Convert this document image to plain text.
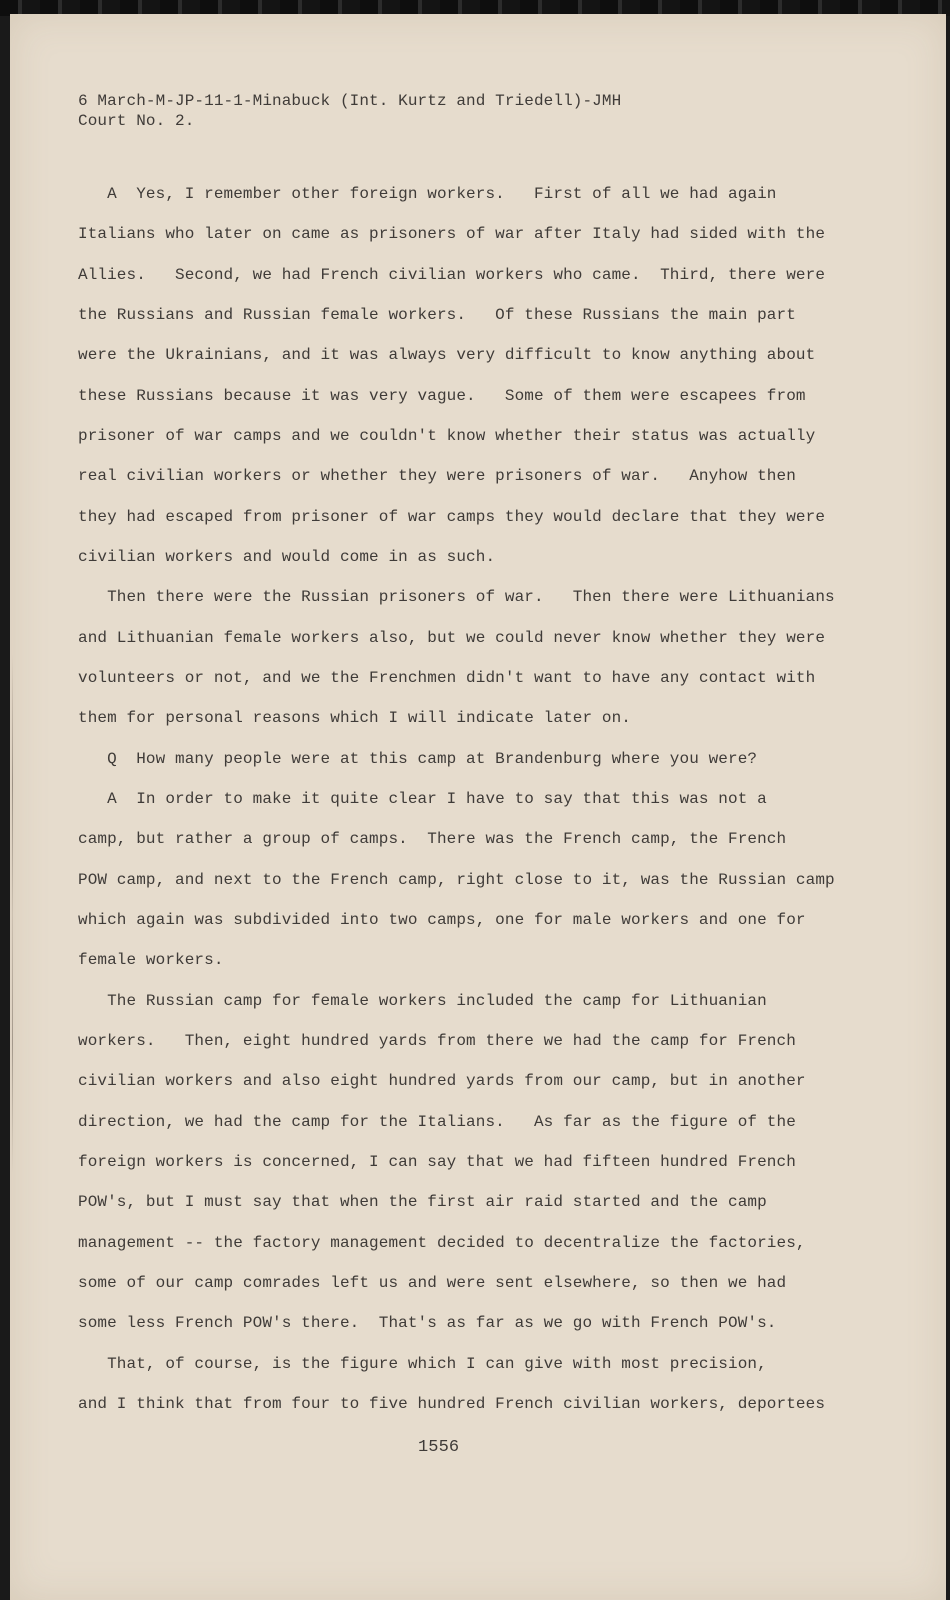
6 March-M-JP-11-1-Minabuck (Int. Kurtz and Triedell)-JMH
Court No. 2.
A  Yes, I remember other foreign workers.   First of all we had again
Italians who later on came as prisoners of war after Italy had sided with the
Allies.   Second, we had French civilian workers who came.  Third, there were
the Russians and Russian female workers.   Of these Russians the main part
were the Ukrainians, and it was always very difficult to know anything about
these Russians because it was very vague.   Some of them were escapees from
prisoner of war camps and we couldn't know whether their status was actually
real civilian workers or whether they were prisoners of war.   Anyhow then
they had escaped from prisoner of war camps they would declare that they were
civilian workers and would come in as such.
Then there were the Russian prisoners of war.   Then there were Lithuanians
and Lithuanian female workers also, but we could never know whether they were
volunteers or not, and we the Frenchmen didn't want to have any contact with
them for personal reasons which I will indicate later on.
Q  How many people were at this camp at Brandenburg where you were?
A  In order to make it quite clear I have to say that this was not a
camp, but rather a group of camps.  There was the French camp, the French
POW camp, and next to the French camp, right close to it, was the Russian camp
which again was subdivided into two camps, one for male workers and one for
female workers.
The Russian camp for female workers included the camp for Lithuanian
workers.   Then, eight hundred yards from there we had the camp for French
civilian workers and also eight hundred yards from our camp, but in another
direction, we had the camp for the Italians.   As far as the figure of the
foreign workers is concerned, I can say that we had fifteen hundred French
POW's, but I must say that when the first air raid started and the camp
management -- the factory management decided to decentralize the factories,
some of our camp comrades left us and were sent elsewhere, so then we had
some less French POW's there.  That's as far as we go with French POW's.
That, of course, is the figure which I can give with most precision,
and I think that from four to five hundred French civilian workers, deportees
1556
